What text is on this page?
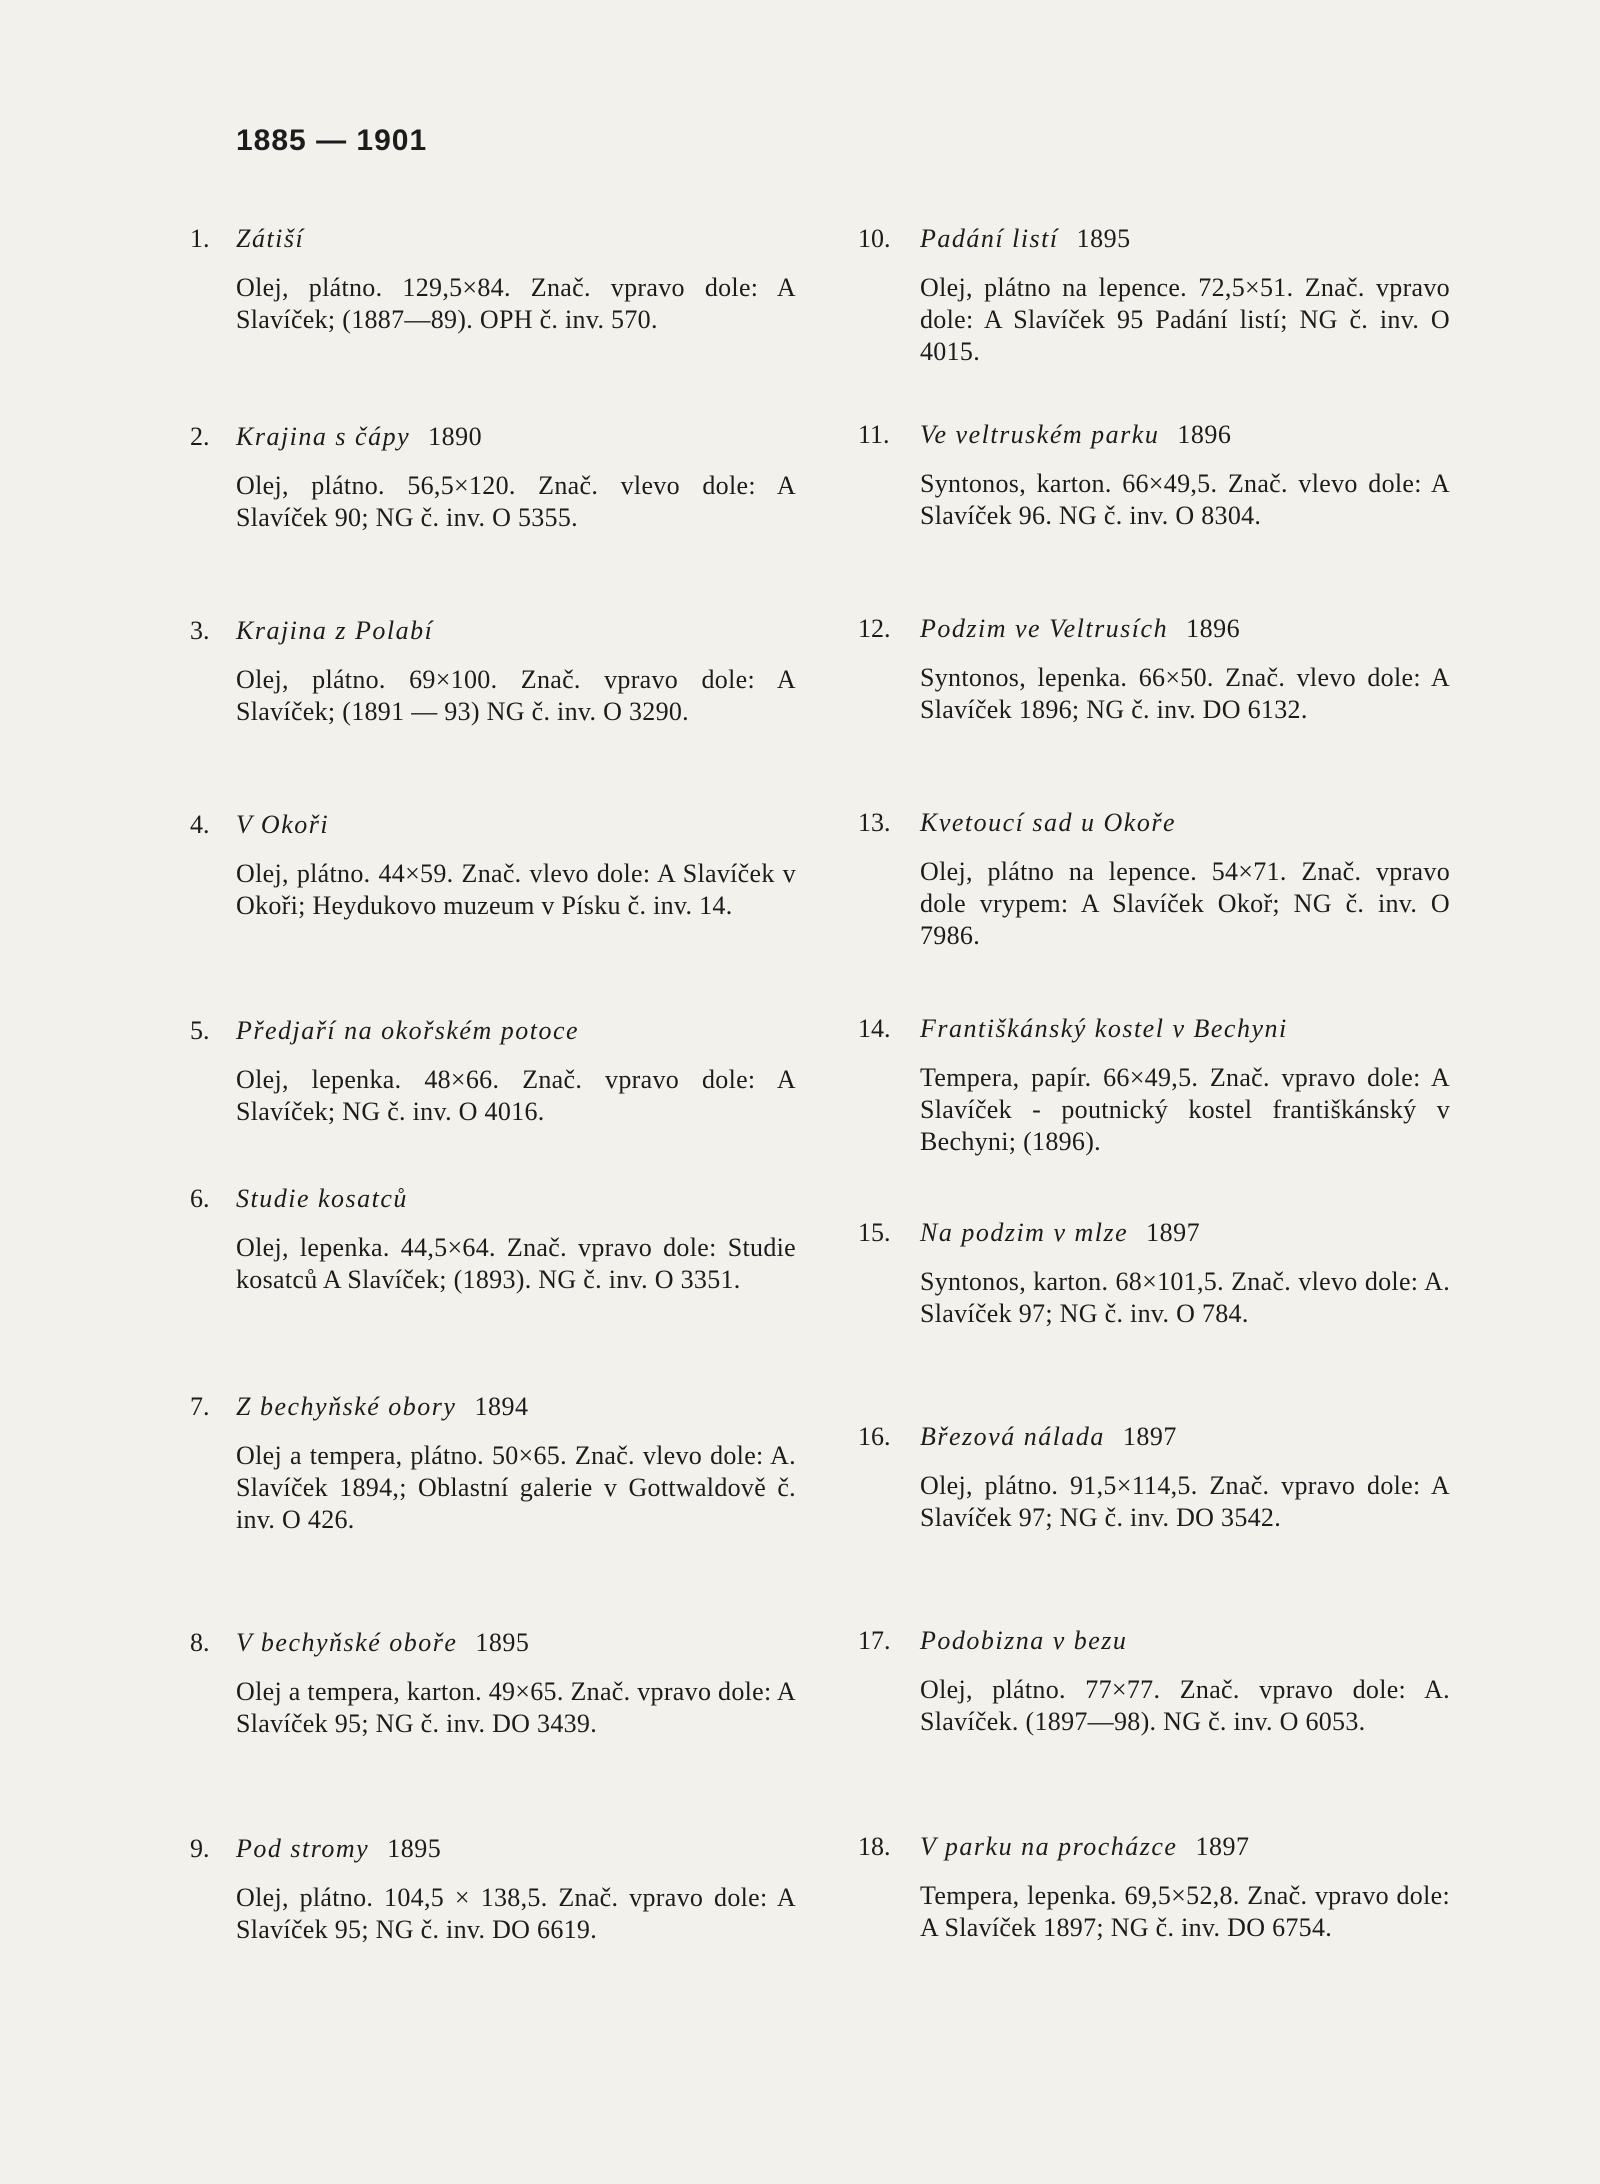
1885 — 1901
1.	Zátiší
Olej, plátno. 129,5×84. Znač. vpravo dole: A Slavíček; (1887—89). OPH č. inv. 570.
2.	Krajina s čápy 1890
Olej, plátno. 56,5×120. Znač. vlevo dole: A Slavíček 90; NG č. inv. O 5355.
3.	Krajina z Polabí
Olej, plátno. 69×100. Znač. vpravo dole: A Slavíček; (1891 — 93) NG č. inv. O 3290.
4.	V Okoři
Olej, plátno. 44×59. Znač. vlevo dole: A Slavíček v Okoři; Heydukovo muzeum v Písku č. inv. 14.
5.	Předjaří na okořském potoce
Olej, lepenka. 48×66. Znač. vpravo dole: A Slavíček; NG č. inv. O 4016.
6.	Studie kosatců
Olej, lepenka. 44,5×64. Znač. vpravo dole: Studie kosatců A Slavíček; (1893). NG č. inv. O 3351.
7.	Z bechyňské obory 1894
Olej a tempera, plátno. 50×65. Znač. vlevo dole: A. Slavíček 1894,; Oblastní galerie v Gottwaldově č. inv. O 426.
8.	V bechyňské oboře 1895
Olej a tempera, karton. 49×65. Znač. vpravo dole: A Slavíček 95; NG č. inv. DO 3439.
9.	Pod stromy 1895
Olej, plátno. 104,5 × 138,5. Znač. vpravo dole: A Slavíček 95; NG č. inv. DO 6619.
10.	Padání listí 1895
Olej, plátno na lepence. 72,5×51. Znač. vpravo dole: A Slavíček 95 Padání listí; NG č. inv. O 4015.
11.	Ve veltruském parku 1896
Syntonos, karton. 66×49,5. Znač. vlevo dole: A Slavíček 96. NG č. inv. O 8304.
12.	Podzim ve Veltrusích 1896
Syntonos, lepenka. 66×50. Znač. vlevo dole: A Slavíček 1896; NG č. inv. DO 6132.
13.	Kvetoucí sad u Okoře
Olej, plátno na lepence. 54×71. Znač. vpravo dole vrypem: A Slavíček Okoř; NG č. inv. O 7986.
14.	Františkánský kostel v Bechyni
Tempera, papír. 66×49,5. Znač. vpravo dole: A Slavíček - poutnický kostel františkánský v Bechyni; (1896).
15.	Na podzim v mlze 1897
Syntonos, karton. 68×101,5. Znač. vlevo dole: A. Slavíček 97; NG č. inv. O 784.
16.	Březová nálada 1897
Olej, plátno. 91,5×114,5. Znač. vpravo dole: A Slavíček 97; NG č. inv. DO 3542.
17.	Podobizna v bezu
Olej, plátno. 77×77. Znač. vpravo dole: A. Slavíček. (1897—98). NG č. inv. O 6053.
18.	V parku na procházce 1897
Tempera, lepenka. 69,5×52,8. Znač. vpravo dole: A Slavíček 1897; NG č. inv. DO 6754.
